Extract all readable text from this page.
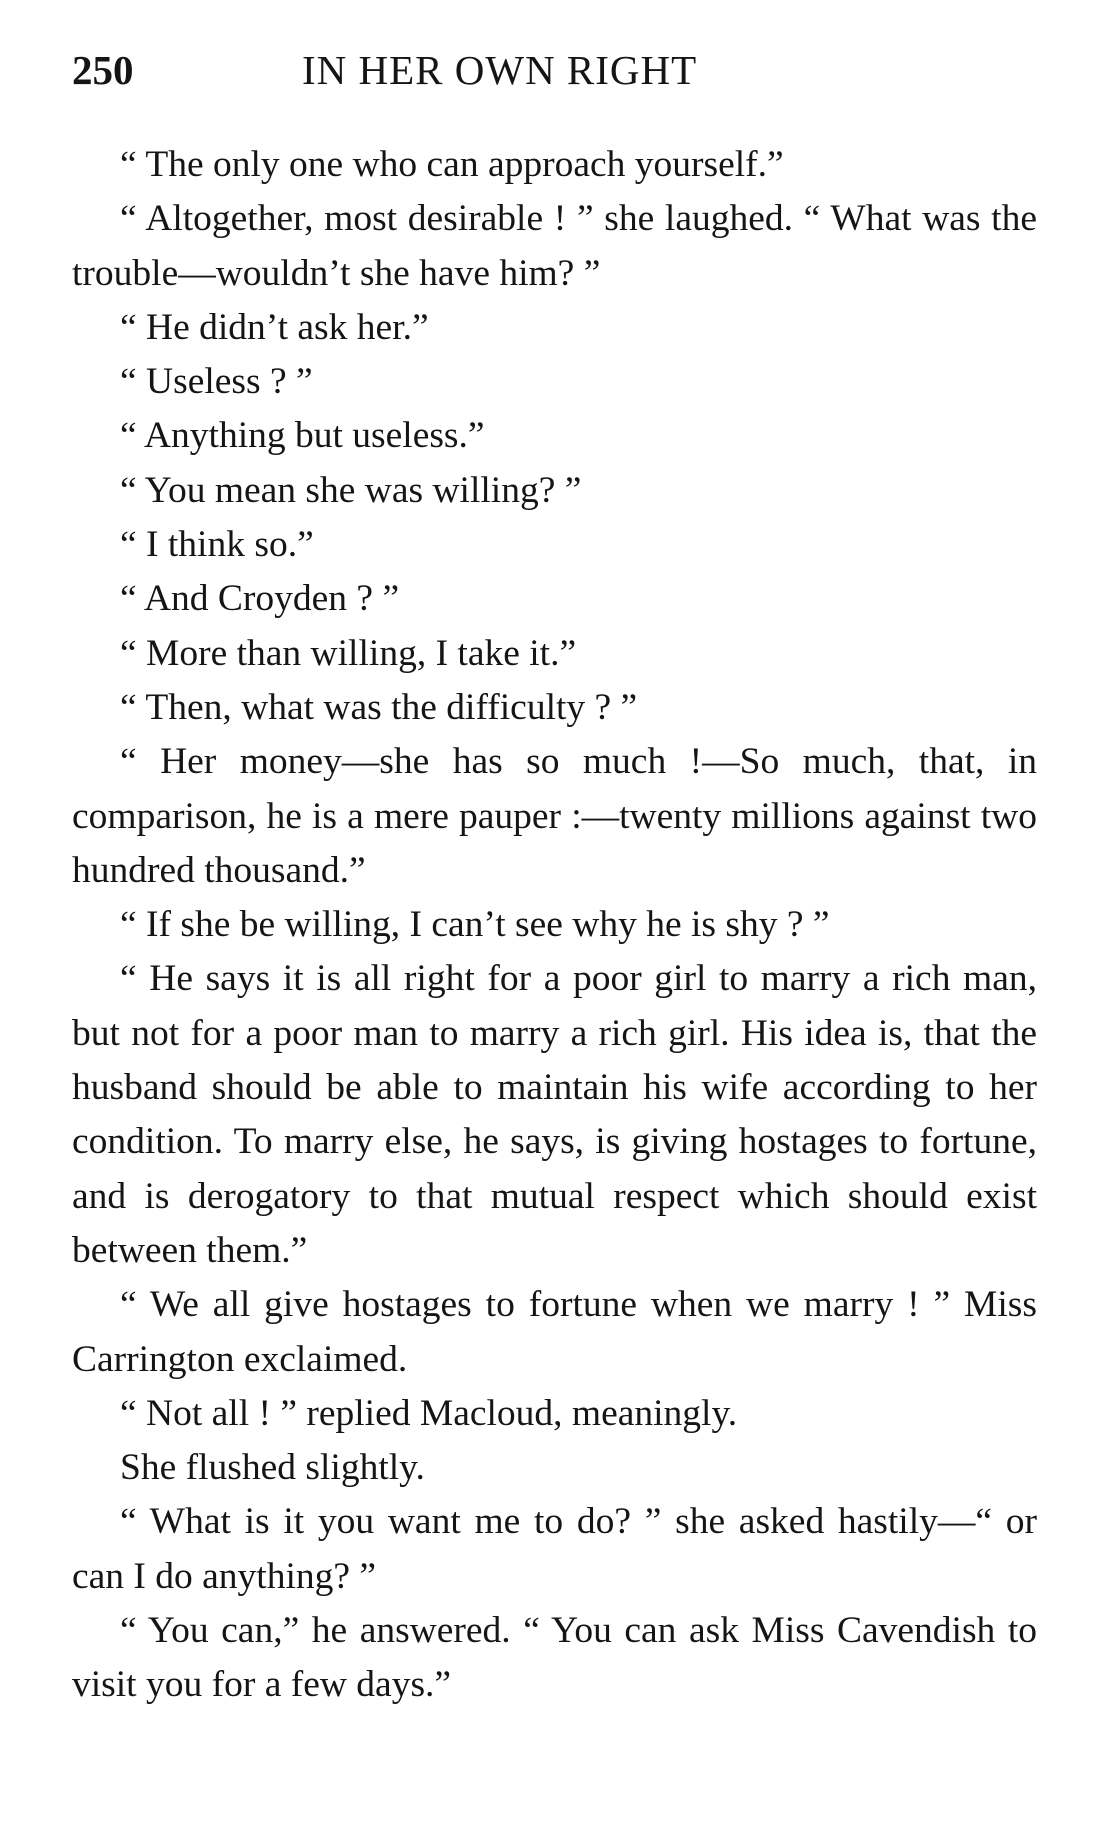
250	IN HER OWN RIGHT

“ The only one who can approach yourself.”

“ Altogether, most desirable ! ” she laughed. “ What was the trouble—wouldn’t she have him? ”

“ He didn’t ask her.”

“ Useless ? ”

“ Anything but useless.”

“ You mean she was willing? ”

“ I think so.”

“ And Croyden ? ”

“ More than willing, I take it.”

“ Then, what was the difficulty ? ”

“ Her money—she has so much !—So much, that, in comparison, he is a mere pauper :—twenty millions against two hundred thousand.”

“ If she be willing, I can’t see why he is shy ? ”

“ He says it is all right for a poor girl to marry a rich man, but not for a poor man to marry a rich girl. His idea is, that the husband should be able to maintain his wife according to her condition. To marry else, he says, is giving hostages to fortune, and is derogatory to that mutual respect which should exist between them.”

“ We all give hostages to fortune when we marry ! ” Miss Carrington exclaimed.

“ Not all ! ” replied Macloud, meaningly.

She flushed slightly.

“ What is it you want me to do? ” she asked hastily—“ or can I do anything? ”

“ You can,” he answered. “ You can ask Miss Cavendish to visit you for a few days.”
